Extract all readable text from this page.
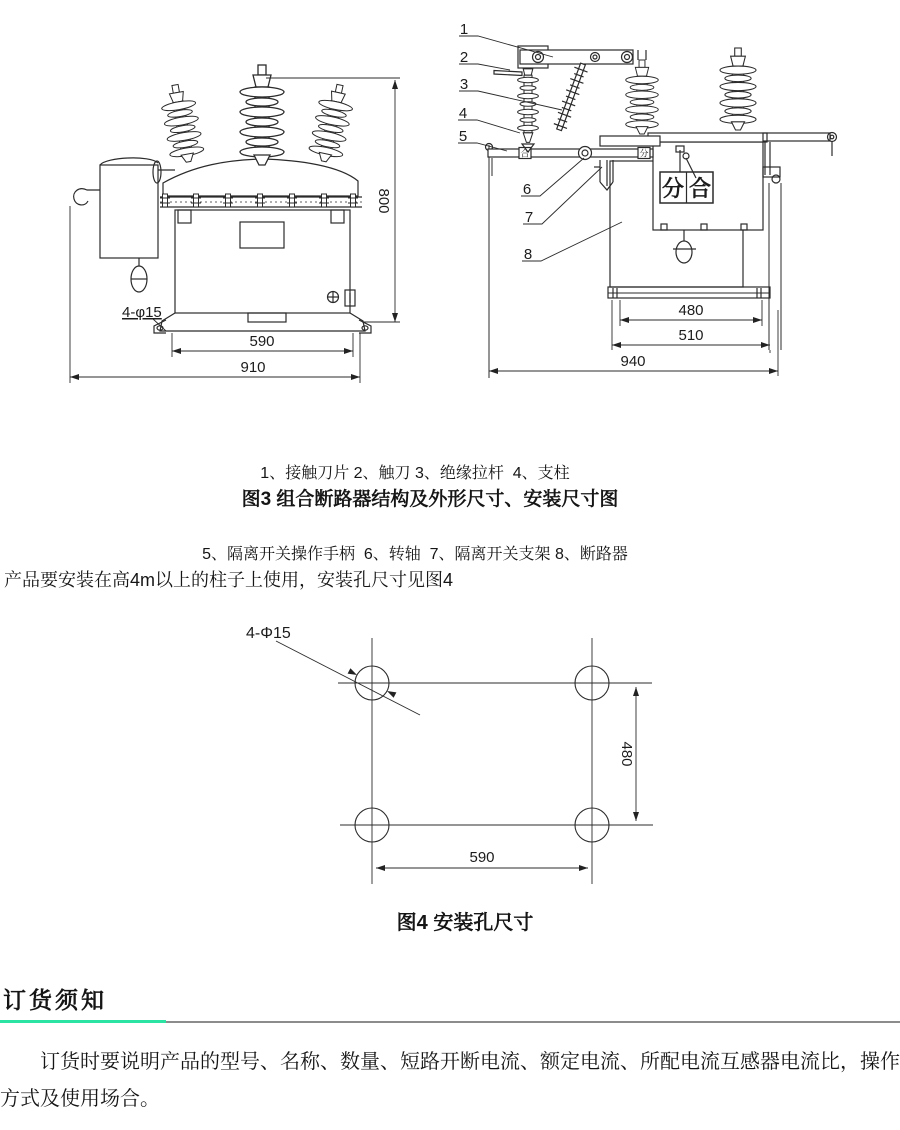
590
910
800
4-φ15
1
2
3
4
5
6
7
8
分 合
合	分
480
510
940

1、接触刀片 2、触刀 3、绝缘拉杆  4、支柱

5、隔离开关操作手柄  6、转轴  7、隔离开关支架 8、断路器

图3 组合断路器结构及外形尺寸、安装尺寸图
产品要安装在高4m以上的柱子上使用，安装孔尺寸见图4
4-Φ15
480
590
图4 安装孔尺寸
订货须知
订货时要说明产品的型号、名称、数量、短路开断电流、额定电流、所配电流互感器电流比，操作方式及使用场合。
